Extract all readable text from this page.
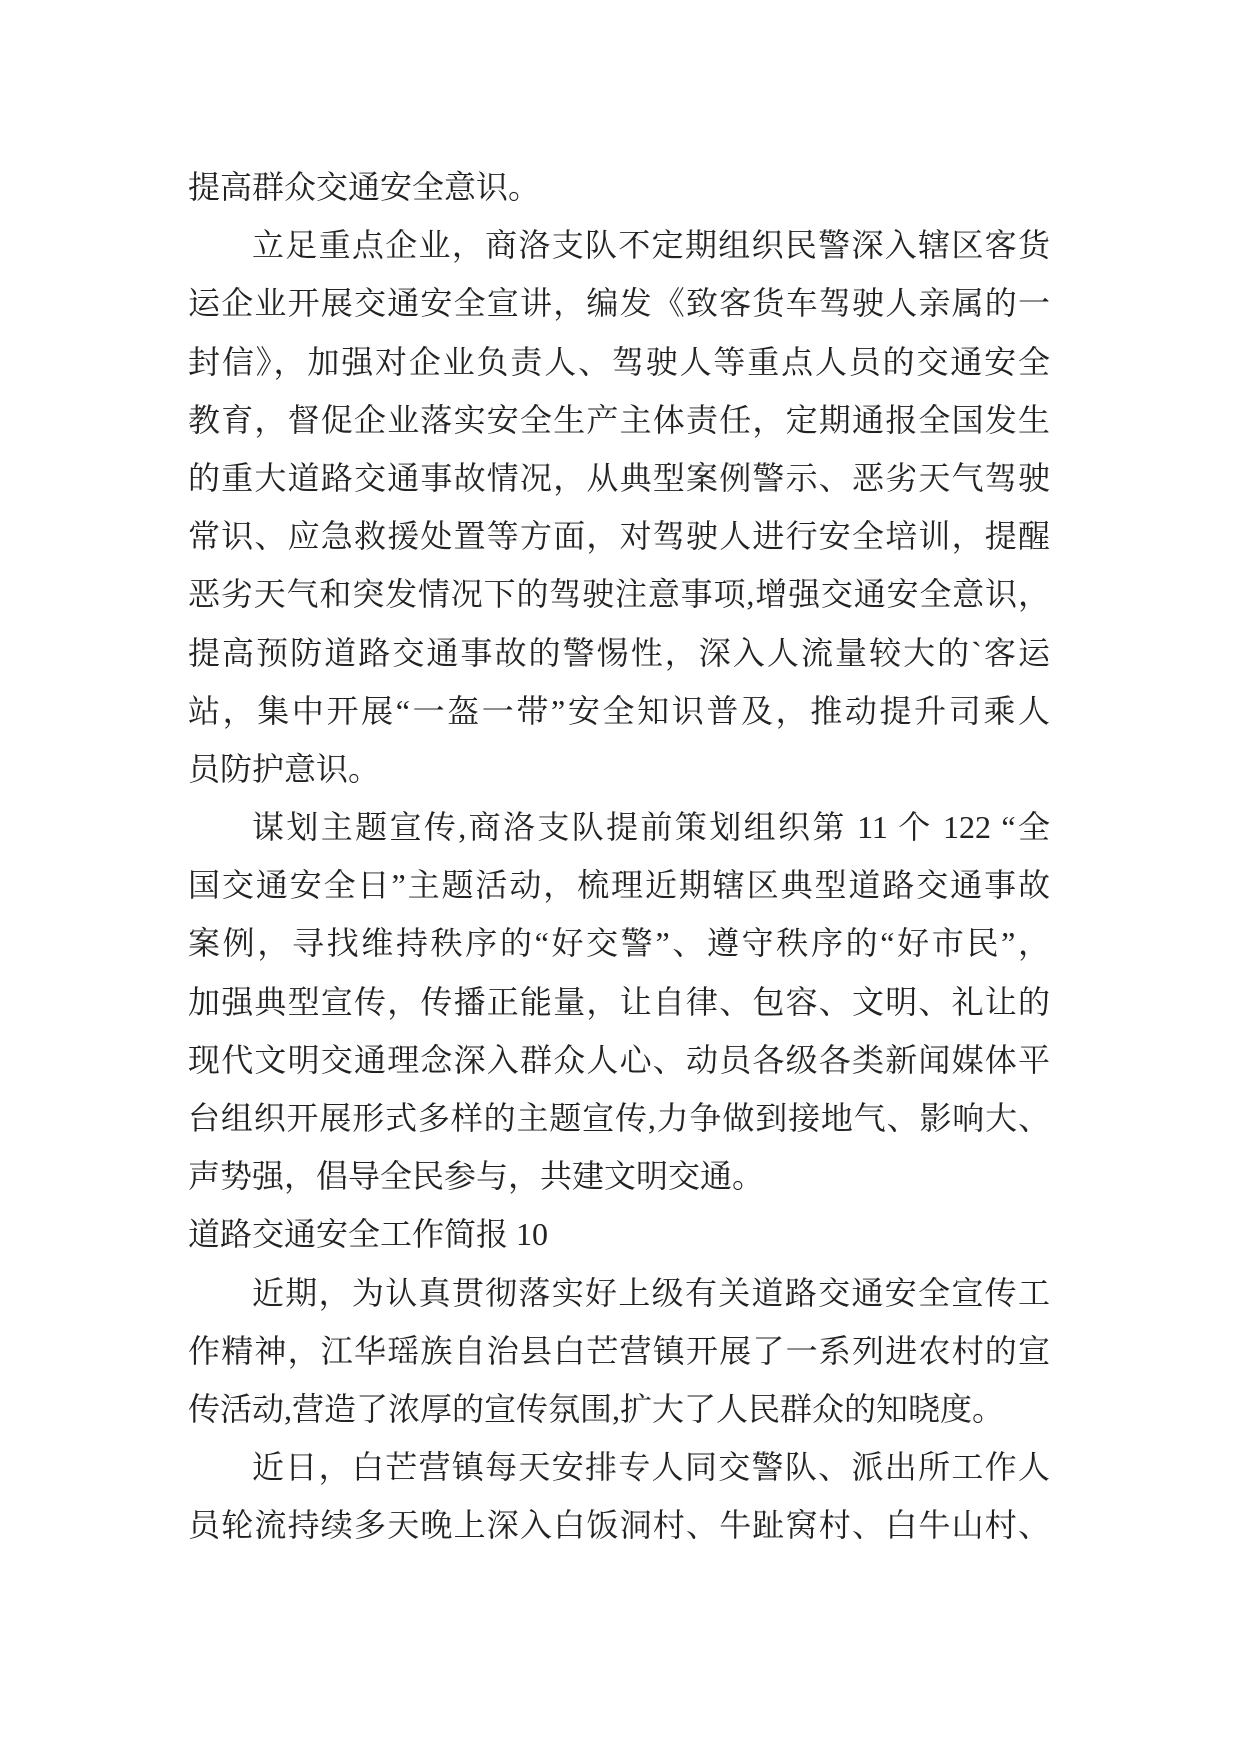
提高群众交通安全意识。
立足重点企业，商洛支队不定期组织民警深入辖区客货
运企业开展交通安全宣讲，编发《致客货车驾驶人亲属的一
封信》，加强对企业负责人、驾驶人等重点人员的交通安全
教育，督促企业落实安全生产主体责任，定期通报全国发生
的重大道路交通事故情况，从典型案例警示、恶劣天气驾驶
常识、应急救援处置等方面，对驾驶人进行安全培训，提醒
恶劣天气和突发情况下的驾驶注意事项,增强交通安全意识，
提高预防道路交通事故的警惕性，深入人流量较大的`客运
站，集中开展“一盔一带”安全知识普及，推动提升司乘人
员防护意识。
谋划主题宣传,商洛支队提前策划组织第 11 个 122 “全
国交通安全日”主题活动，梳理近期辖区典型道路交通事故
案例，寻找维持秩序的“好交警”、遵守秩序的“好市民”，
加强典型宣传，传播正能量，让自律、包容、文明、礼让的
现代文明交通理念深入群众人心、动员各级各类新闻媒体平
台组织开展形式多样的主题宣传,力争做到接地气、影响大、
声势强，倡导全民参与，共建文明交通。
道路交通安全工作简报 10
近期，为认真贯彻落实好上级有关道路交通安全宣传工
作精神，江华瑶族自治县白芒营镇开展了一系列进农村的宣
传活动,营造了浓厚的宣传氛围,扩大了人民群众的知晓度。
近日，白芒营镇每天安排专人同交警队、派出所工作人
员轮流持续多天晚上深入白饭洞村、牛趾窝村、白牛山村、
